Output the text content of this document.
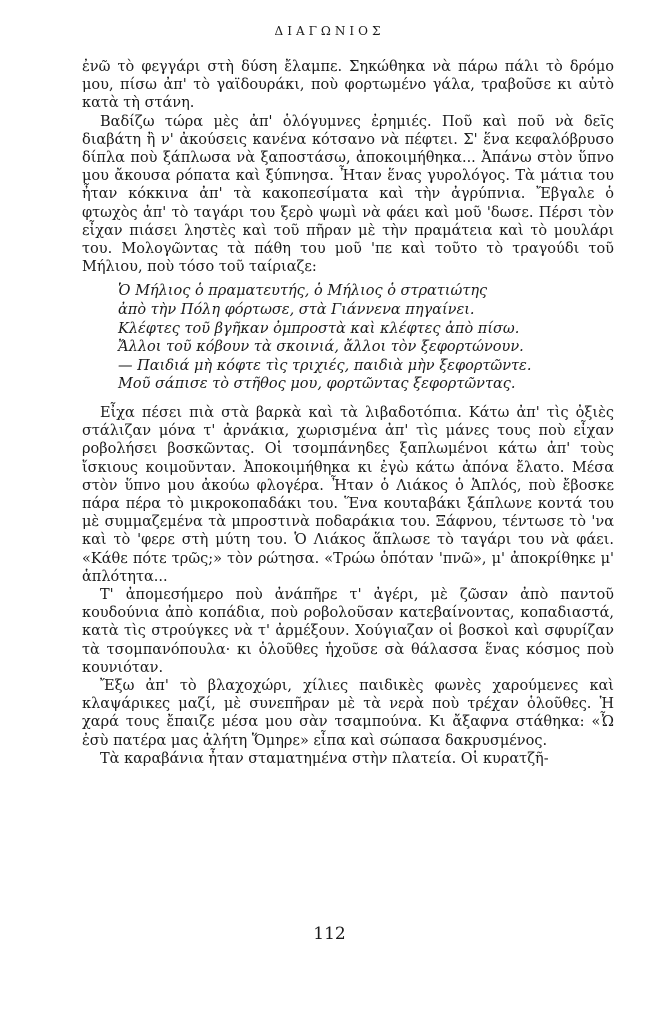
ΔΙΑΓΩΝΙΟΣ

ἐνῶ τὸ φεγγάρι στὴ δύση ἔλαμπε. Σηκώθηκα νὰ πάρω πάλι τὸ δρόμο μου, πίσω ἀπ' τὸ γαϊδουράκι, ποὺ φορτωμένο γάλα, τραβοῦσε κι αὐτὸ κατὰ τὴ στάνη.

Βαδίζω τώρα μὲς ἀπ' ὁλόγυμνες ἐρημιές. Ποῦ καὶ ποῦ νὰ δεῖς διαβάτη ἢ ν' ἀκούσεις κανένα κότσανο νὰ πέφτει. Σ' ἕνα κεφαλόβρυσο δίπλα ποὺ ξάπλωσα νὰ ξαποστάσω, ἀποκοιμήθηκα... Ἀπάνω στὸν ὕπνο μου ἄκουσα ρόπατα καὶ ξύπνησα. Ἦταν ἕνας γυρολόγος. Τὰ μάτια του ἦταν κόκκινα ἀπ' τὰ κακοπεσίματα καὶ τὴν ἀγρύπνια. Ἔβγαλε ὁ φτωχὸς ἀπ' τὸ ταγάρι του ξερὸ ψωμὶ νὰ φάει καὶ μοῦ 'δωσε. Πέρσι τὸν εἶχαν πιάσει ληστὲς καὶ τοῦ πῆραν μὲ τὴν πραμάτεια καὶ τὸ μουλάρι του. Μολογῶντας τὰ πάθη του μοῦ 'πε καὶ τοῦτο τὸ τραγούδι τοῦ Μήλιου, ποὺ τόσο τοῦ ταίριαζε:

Ὁ Μήλιος ὁ πραματευτής, ὁ Μήλιος ὁ στρατιώτης
ἀπὸ τὴν Πόλη φόρτωσε, στὰ Γιάννενα πηγαίνει.
Κλέφτες τοῦ βγῆκαν ὀμπροστὰ καὶ κλέφτες ἀπὸ πίσω.
Ἄλλοι τοῦ κόβουν τὰ σκοινιά, ἄλλοι τὸν ξεφορτώνουν.
— Παιδιά μὴ κόφτε τὶς τριχιές, παιδιὰ μὴν ξεφορτῶντε.
Μοῦ σάπισε τὸ στῆθος μου, φορτῶντας ξεφορτῶντας.

Εἶχα πέσει πιὰ στὰ βαρκὰ καὶ τὰ λιβαδοτόπια. Κάτω ἀπ' τὶς ὀξιὲς στάλιζαν μόνα τ' ἀρνάκια, χωρισμένα ἀπ' τὶς μάνες τους ποὺ εἶχαν ροβολήσει βοσκῶντας. Οἱ τσομπάνηδες ξαπλωμένοι κάτω ἀπ' τοὺς ἴσκιους κοιμοῦνταν. Ἀποκοιμήθηκα κι ἐγὼ κάτω ἀπόνα ἔλατο. Μέσα στὸν ὕπνο μου ἀκούω φλογέρα. Ἦταν ὁ Λιάκος ὁ Ἁπλός, ποὺ ἔβοσκε πάρα πέρα τὸ μικροκοπαδάκι του. Ἕνα κουταβάκι ξάπλωνε κοντά του μὲ συμμαζεμένα τὰ μπροστινὰ ποδαράκια του. Ξάφνου, τέντωσε τὸ 'να καὶ τὸ 'φερε στὴ μύτη του. Ὁ Λιάκος ἅπλωσε τὸ ταγάρι του νὰ φάει. «Κάθε πότε τρῶς;» τὸν ρώτησα. «Τρώω ὁπόταν 'πνῶ», μ' ἀποκρίθηκε μ' ἁπλότητα...

Τ' ἀπομεσήμερο ποὺ ἀνάπῆρε τ' ἀγέρι, μὲ ζῶσαν ἀπὸ παντοῦ κουδούνια ἀπὸ κοπάδια, ποὺ ροβολοῦσαν κατεβαίνοντας, κοπαδιαστά, κατὰ τὶς στρούγκες νὰ τ' ἀρμέξουν. Χούγιαζαν οἱ βοσκοὶ καὶ σφυρίζαν τὰ τσομπανόπουλα· κι ὁλοῦθες ἠχοῦσε σὰ θάλασσα ἕνας κόσμος ποὺ κουνιόταν.

Ἔξω ἀπ' τὸ βλαχοχώρι, χίλιες παιδικὲς φωνὲς χαρούμενες καὶ κλαψάρικες μαζί, μὲ συνεπῆραν μὲ τὰ νερὰ ποὺ τρέχαν ὁλοῦθες. Ἡ χαρά τους ἔπαιζε μέσα μου σὰν τσαμπούνα. Κι ἄξαφνα στάθηκα: «Ὦ ἐσὺ πατέρα μας ἀλήτη Ὅμηρε» εἶπα καὶ σώπασα δακρυσμένος.

Τὰ καραβάνια ἦταν σταματημένα στὴν πλατεία. Οἱ κυρατζῆ-

112
